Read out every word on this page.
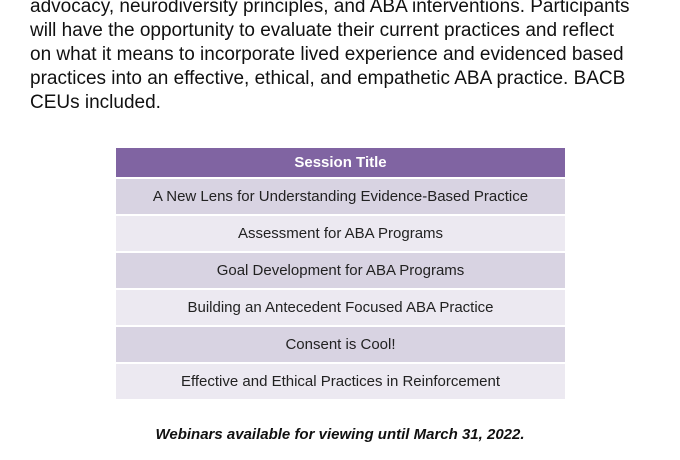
advocacy, neurodiversity principles, and ABA interventions. Participants
will have the opportunity to evaluate their current practices and reflect
on what it means to incorporate lived experience and evidenced based
practices into an effective, ethical, and empathetic ABA practice. BACB
CEUs included.

Session Title
A New Lens for Understanding Evidence-Based Practice
Assessment for ABA Programs
Goal Development for ABA Programs
Building an Antecedent Focused ABA Practice
Consent is Cool!
Effective and Ethical Practices in Reinforcement
Webinars available for viewing until March 31, 2022.
